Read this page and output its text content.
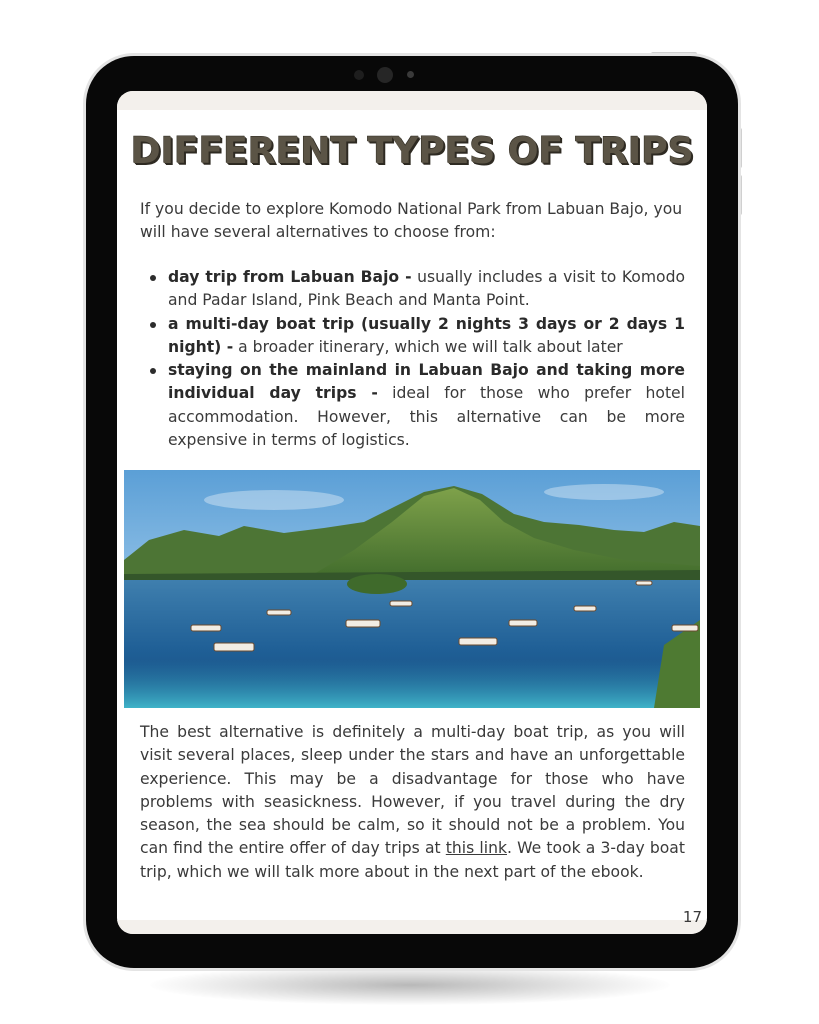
DIFFERENT TYPES OF TRIPS

If you decide to explore Komodo National Park from Labuan Bajo, you will have several alternatives to choose from:

day trip from Labuan Bajo - usually includes a visit to Komodo and Padar Island, Pink Beach and Manta Point.
a multi-day boat trip (usually 2 nights 3 days or 2 days 1 night) - a broader itinerary, which we will talk about later
staying on the mainland in Labuan Bajo and taking more individual day trips - ideal for those who prefer hotel accommodation. However, this alternative can be more expensive in terms of logistics.

The best alternative is definitely a multi-day boat trip, as you will visit several places, sleep under the stars and have an unforgettable experience. This may be a disadvantage for those who have problems with seasickness. However, if you travel during the dry season, the sea should be calm, so it should not be a problem. You can find the entire offer of day trips at this link. We took a 3-day boat trip, which we will talk more about in the next part of the ebook.

17
